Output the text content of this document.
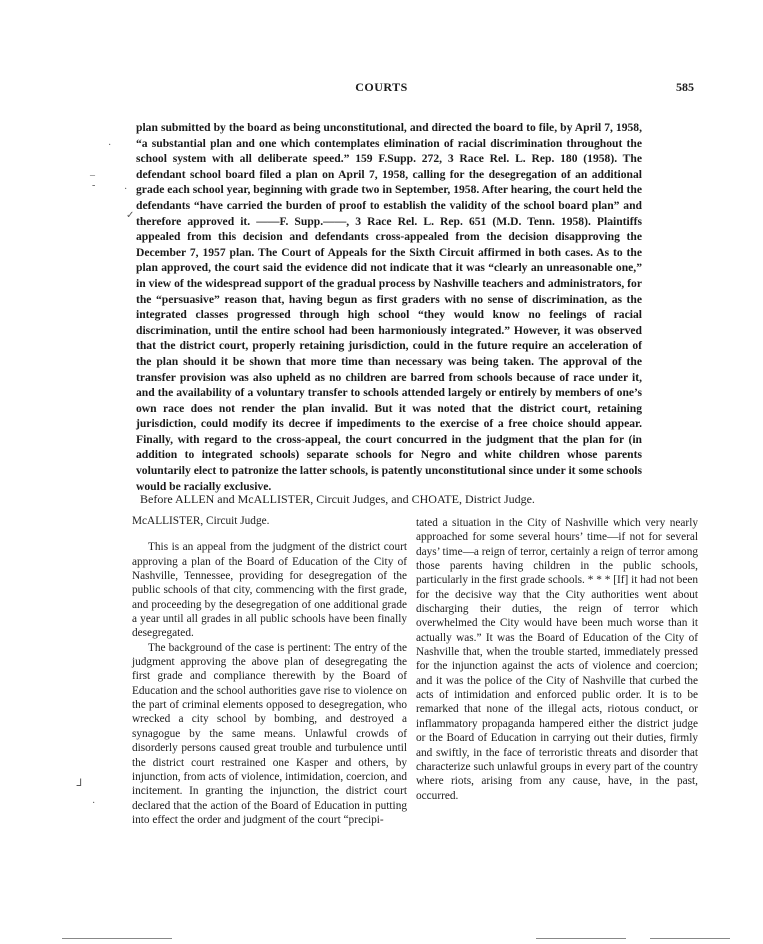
COURTS	585

plan submitted by the board as being unconstitutional, and directed the board to file, by April 7, 1958, “a substantial plan and one which contemplates elimination of racial discrimination throughout the school system with all deliberate speed.” 159 F.Supp. 272, 3 Race Rel. L. Rep. 180 (1958). The defendant school board filed a plan on April 7, 1958, calling for the desegregation of an additional grade each school year, beginning with grade two in September, 1958. After hearing, the court held the defendants “have carried the burden of proof to establish the validity of the school board plan” and therefore approved it. ——F. Supp.——, 3 Race Rel. L. Rep. 651 (M.D. Tenn. 1958). Plaintiffs appealed from this decision and defendants cross-appealed from the decision disapproving the December 7, 1957 plan. The Court of Appeals for the Sixth Circuit affirmed in both cases. As to the plan approved, the court said the evidence did not indicate that it was “clearly an unreasonable one,” in view of the widespread support of the gradual process by Nashville teachers and administrators, for the “persuasive” reason that, having begun as first graders with no sense of discrimination, as the integrated classes progressed through high school “they would know no feelings of racial discrimination, until the entire school had been harmoniously integrated.” However, it was observed that the district court, properly retaining jurisdiction, could in the future require an acceleration of the plan should it be shown that more time than necessary was being taken. The approval of the transfer provision was also upheld as no children are barred from schools because of race under it, and the availability of a voluntary transfer to schools attended largely or entirely by members of one’s own race does not render the plan invalid. But it was noted that the district court, retaining jurisdiction, could modify its decree if impediments to the exercise of a free choice should appear. Finally, with regard to the cross-appeal, the court concurred in the judgment that the plan for (in addition to integrated schools) separate schools for Negro and white children whose parents voluntarily elect to patronize the latter schools, is patently unconstitutional since under it some schools would be racially exclusive.

Before ALLEN and McALLISTER, Circuit Judges, and CHOATE, District Judge.

McALLISTER, Circuit Judge.

This is an appeal from the judgment of the district court approving a plan of the Board of Education of the City of Nashville, Tennessee, providing for desegregation of the public schools of that city, commencing with the first grade, and proceeding by the desegregation of one additional grade a year until all grades in all public schools have been finally desegregated.

The background of the case is pertinent: The entry of the judgment approving the above plan of desegregating the first grade and compliance therewith by the Board of Education and the school authorities gave rise to violence on the part of criminal elements opposed to desegregation, who wrecked a city school by bombing, and destroyed a synagogue by the same means. Unlawful crowds of disorderly persons caused great trouble and turbulence until the district court restrained one Kasper and others, by injunction, from acts of violence, intimidation, coercion, and incitement. In granting the injunction, the district court declared that the action of the Board of Education in putting into effect the order and judgment of the court “precipi-

tated a situation in the City of Nashville which very nearly approached for some several hours’ time—if not for several days’ time—a reign of terror, certainly a reign of terror among those parents having children in the public schools, particularly in the first grade schools. * * * [If] it had not been for the decisive way that the City authorities went about discharging their duties, the reign of terror which overwhelmed the City would have been much worse than it actually was.” It was the Board of Education of the City of Nashville that, when the trouble started, immediately pressed for the injunction against the acts of violence and coercion; and it was the police of the City of Nashville that curbed the acts of intimidation and enforced public order. It is to be remarked that none of the illegal acts, riotous conduct, or inflammatory propaganda hampered either the district judge or the Board of Education in carrying out their duties, firmly and swiftly, in the face of terroristic threats and disorder that characterize such unlawful groups in every part of the country where riots, arising from any cause, have, in the past, occurred.

·
–
-	·
✓
ᒧ
·
